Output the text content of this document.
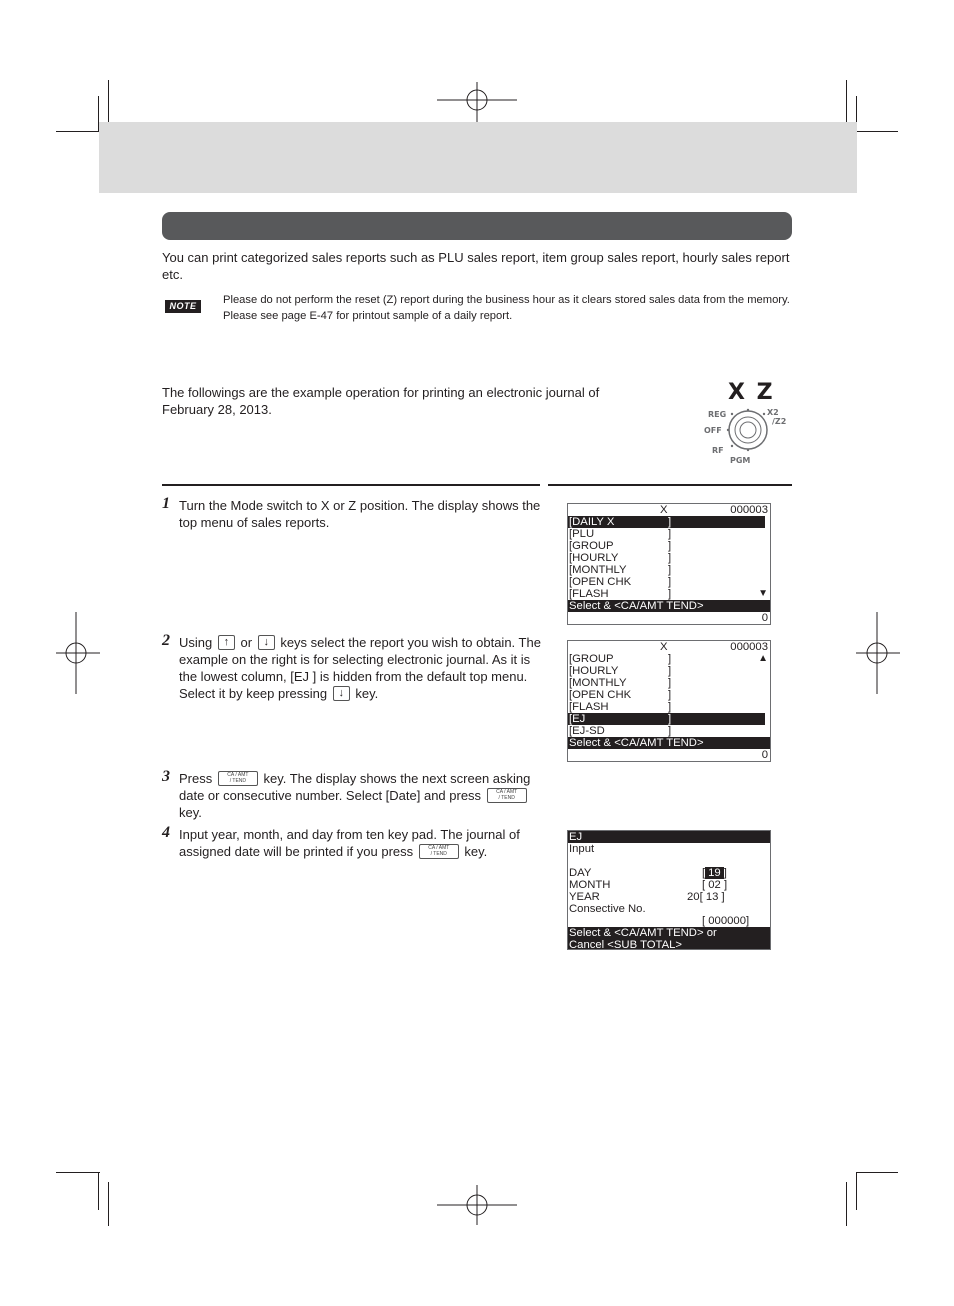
You can print categorized sales reports such as PLU sales report, item group sales report, hourly sales report etc.
NOTE	Please do not perform the reset (Z) report during the business hour as it clears stored sales data from the memory.
Please see page E-47 for printout sample of a daily report.
The followings are the example operation for printing an electronic journal of February 28, 2013.
X Z
REG
OFF
RF
PGM
X2
/Z2
1 Turn the Mode switch to X or Z position. The display shows the top menu of sales reports.
2 Using ↑ or ↓ keys select the report you wish to obtain. The example on the right is for selecting electronic journal. As it is the lowest column, [EJ ] is hidden from the default top menu. Select it by keep pressing ↓ key.
3 Press	CA / AMT
/ TEND key. The display shows the next screen asking date or consecutive number. Select [Date] and press	CA / AMT
/ TEND key.
4 Input year, month, and day from ten key pad. The journal of assigned date will be printed if you press	CA / AMT
/ TEND key.

X

	000003

[DAILY X	]
[PLU	]
[GROUP	]
[HOURLY	]
[MONTHLY	]
[OPEN CHK	]
[FLASH	]	▼
Select & <CA/AMT TEND>
0

X

	000003

[GROUP	]	▲
[HOURLY	]
[MONTHLY	]
[OPEN CHK	]
[FLASH	]
[EJ	]
[EJ-SD	]
Select & <CA/AMT TEND>
0
EJ
Input
DAY	[ 19 ]
MONTH	[ 02 ]
YEAR	20[ 13 ]
Consective No.
[ 000000]
Select & <CA/AMT TEND> or
Cancel <SUB TOTAL>
